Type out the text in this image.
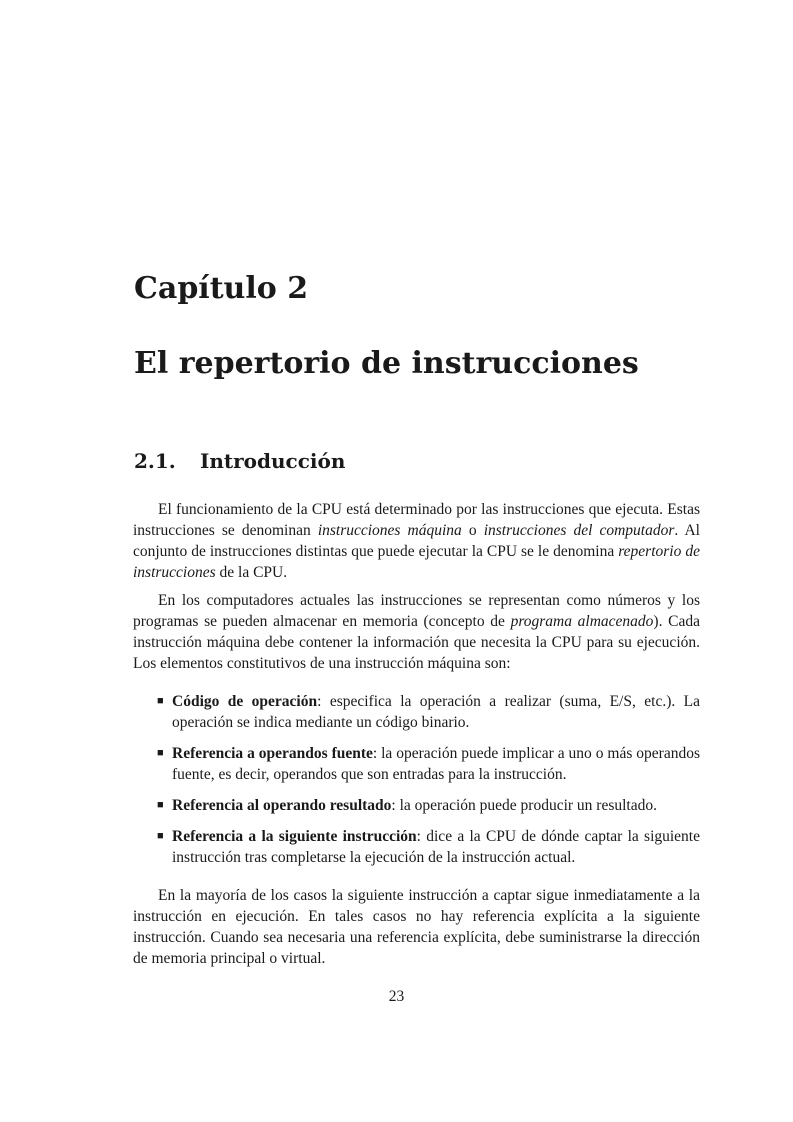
Capítulo 2
El repertorio de instrucciones
2.1. Introducción

El funcionamiento de la CPU está determinado por las instrucciones que ejecuta. Estas instrucciones se denominan instrucciones máquina o instrucciones del computador. Al conjunto de instrucciones distintas que puede ejecutar la CPU se le denomina repertorio de instrucciones de la CPU.

En los computadores actuales las instrucciones se representan como números y los programas se pueden almacenar en memoria (concepto de programa almacenado). Cada instrucción máquina debe contener la información que necesita la CPU para su ejecución. Los elementos constitutivos de una instrucción máquina son:

■ Código de operación: especifica la operación a realizar (suma, E/S, etc.). La operación se indica mediante un código binario.
■ Referencia a operandos fuente: la operación puede implicar a uno o más operandos fuente, es decir, operandos que son entradas para la instrucción.
■ Referencia al operando resultado: la operación puede producir un resultado.
■ Referencia a la siguiente instrucción: dice a la CPU de dónde captar la siguiente instrucción tras completarse la ejecución de la instrucción actual.

En la mayoría de los casos la siguiente instrucción a captar sigue inmediatamente a la instrucción en ejecución. En tales casos no hay referencia explícita a la siguiente instrucción. Cuando sea necesaria una referencia explícita, debe suministrarse la dirección de memoria principal o virtual.

23
